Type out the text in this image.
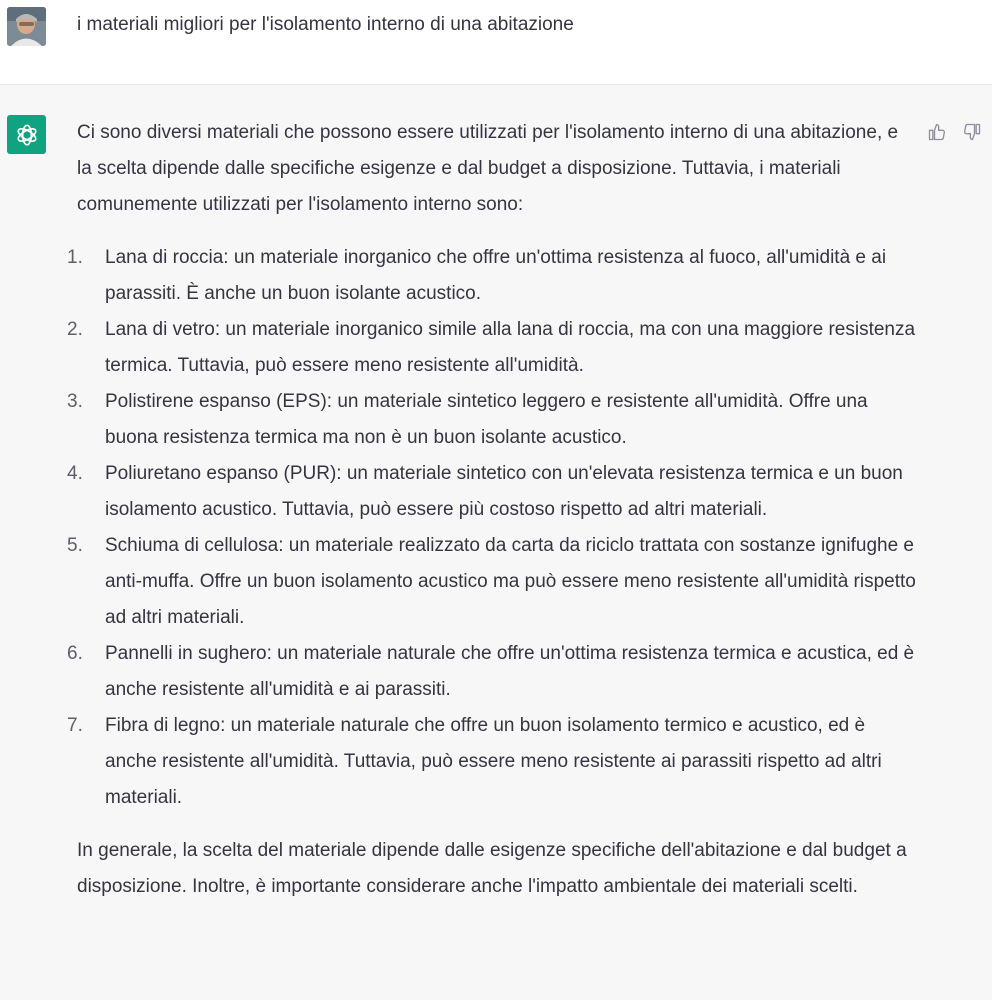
i materiali migliori per l'isolamento interno di una abitazione

Ci sono diversi materiali che possono essere utilizzati per l'isolamento interno di una abitazione, e la scelta dipende dalle specifiche esigenze e dal budget a disposizione. Tuttavia, i materiali comunemente utilizzati per l'isolamento interno sono:

1. Lana di roccia: un materiale inorganico che offre un'ottima resistenza al fuoco, all'umidità e ai parassiti. È anche un buon isolante acustico.
2. Lana di vetro: un materiale inorganico simile alla lana di roccia, ma con una maggiore resistenza termica. Tuttavia, può essere meno resistente all'umidità.
3. Polistirene espanso (EPS): un materiale sintetico leggero e resistente all'umidità. Offre una buona resistenza termica ma non è un buon isolante acustico.
4. Poliuretano espanso (PUR): un materiale sintetico con un'elevata resistenza termica e un buon isolamento acustico. Tuttavia, può essere più costoso rispetto ad altri materiali.
5. Schiuma di cellulosa: un materiale realizzato da carta da riciclo trattata con sostanze ignifughe e anti-muffa. Offre un buon isolamento acustico ma può essere meno resistente all'umidità rispetto ad altri materiali.
6. Pannelli in sughero: un materiale naturale che offre un'ottima resistenza termica e acustica, ed è anche resistente all'umidità e ai parassiti.
7. Fibra di legno: un materiale naturale che offre un buon isolamento termico e acustico, ed è anche resistente all'umidità. Tuttavia, può essere meno resistente ai parassiti rispetto ad altri materiali.

In generale, la scelta del materiale dipende dalle esigenze specifiche dell'abitazione e dal budget a disposizione. Inoltre, è importante considerare anche l'impatto ambientale dei materiali scelti.
